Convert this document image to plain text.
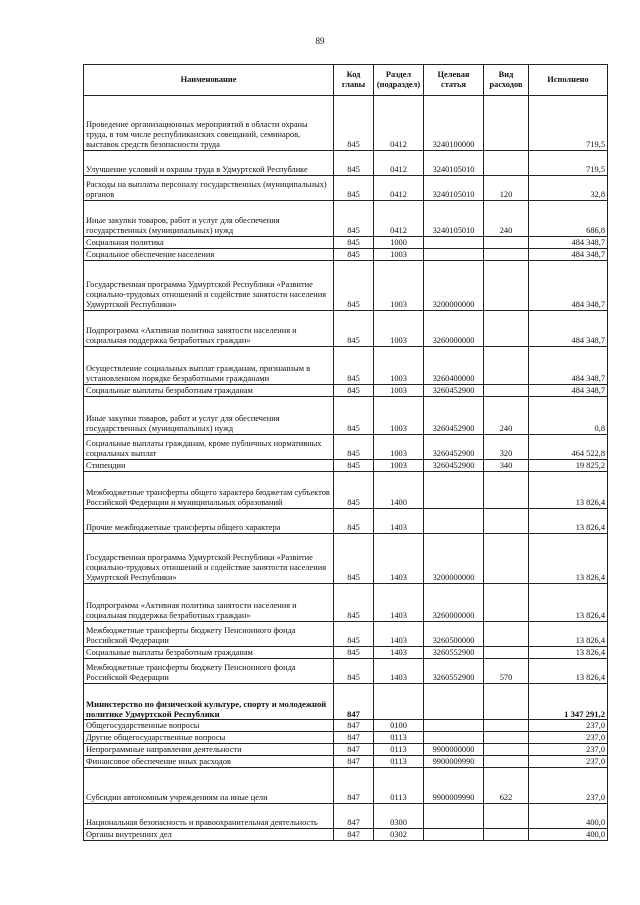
89
Наименование	Код главы	Раздел (подраздел)	Целевая статья	Вид расходов	Исполнено
Проведение организационных мероприятий в области охраны труда, в том числе республиканских совещаний, семинаров, выставок средств безопасности труда	845	0412	3240100000		719,5
Улучшение условий и охраны труда в Удмуртской Республике	845	0412	3240105010		719,5
Расходы на выплаты персоналу государственных (муниципальных) органов	845	0412	3240105010	120	32,8
Иные закупки товаров, работ и услуг для обеспечения государственных (муниципальных) нужд	845	0412	3240105010	240	686,8
Социальная политика	845	1000			484 348,7
Социальное обеспечение населения	845	1003			484 348,7
Государственная программа Удмуртской Республики «Развитие социально-трудовых отношений и содействие занятости населения Удмуртской Республики»	845	1003	3200000000		484 348,7
Подпрограмма «Активная политика занятости населения и социальная поддержка безработных граждан»	845	1003	3260000000		484 348,7
Осуществление социальных выплат гражданам, признанным в установленном порядке безработными гражданами	845	1003	3260400000		484 348,7
Социальные выплаты безработным гражданам	845	1003	3260452900		484 348,7
Иные закупки товаров, работ и услуг для обеспечения государственных (муниципальных) нужд	845	1003	3260452900	240	0,8
Социальные выплаты гражданам, кроме публичных нормативных социальных выплат	845	1003	3260452900	320	464 522,8
Стипендии	845	1003	3260452900	340	19 825,2
Межбюджетные трансферты общего характера бюджетам субъектов Российской Федерации и муниципальных образований	845	1400			13 826,4
Прочие межбюджетные трансферты общего характера	845	1403			13 826,4
Государственная программа Удмуртской Республики «Развитие социально-трудовых отношений и содействие занятости населения Удмуртской Республики»	845	1403	3200000000		13 826,4
Подпрограмма «Активная политика занятости населения и социальная поддержка безработных граждан»	845	1403	3260000000		13 826,4
Межбюджетные трансферты бюджету Пенсионного фонда Российской Федерации	845	1403	3260500000		13 826,4
Социальные выплаты безработным гражданам	845	1403	3260552900		13 826,4
Межбюджетные трансферты бюджету Пенсионного фонда Российской Федерации	845	1403	3260552900	570	13 826,4
Министерство по физической культуре, спорту и молодежной политике Удмуртской Республики	847				1 347 291,2
Общегосударственные вопросы	847	0100			237,0
Другие общегосударственные вопросы	847	0113			237,0
Непрограммные направления деятельности	847	0113	9900000000		237,0
Финансовое обеспечение иных расходов	847	0113	9900009990		237,0
Субсидии автономным учреждениям на иные цели	847	0113	9900009990	622	237,0
Национальная безопасность и правоохранительная деятельность	847	0300			400,0
Органы внутренних дел	847	0302			400,0
